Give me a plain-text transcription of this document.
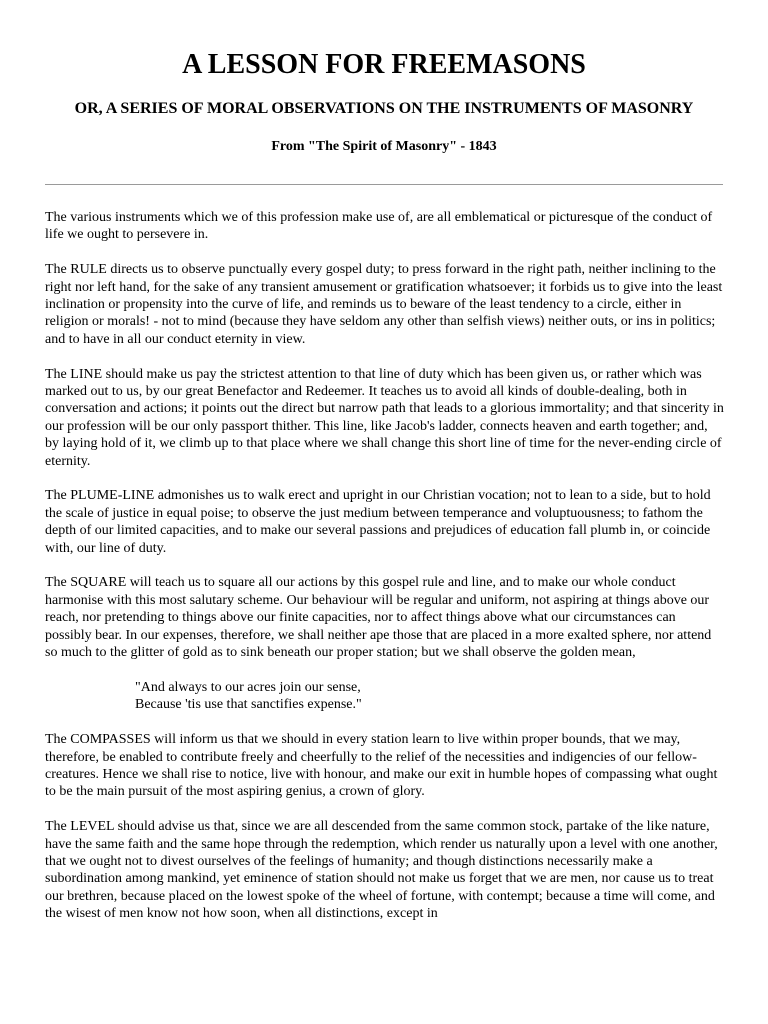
A LESSON FOR FREEMASONS
OR, A SERIES OF MORAL OBSERVATIONS ON THE INSTRUMENTS OF MASONRY
From "The Spirit of Masonry" - 1843

The various instruments which we of this profession make use of, are all emblematical or picturesque of the conduct of life we ought to persevere in.

The RULE directs us to observe punctually every gospel duty; to press forward in the right path, neither inclining to the right nor left hand, for the sake of any transient amusement or gratification whatsoever; it forbids us to give into the least inclination or propensity into the curve of life, and reminds us to beware of the least tendency to a circle, either in religion or morals! - not to mind (because they have seldom any other than selfish views) neither outs, or ins in politics; and to have in all our conduct eternity in view.

The LINE should make us pay the strictest attention to that line of duty which has been given us, or rather which was marked out to us, by our great Benefactor and Redeemer. It teaches us to avoid all kinds of double-dealing, both in conversation and actions; it points out the direct but narrow path that leads to a glorious immortality; and that sincerity in our profession will be our only passport thither. This line, like Jacob's ladder, connects heaven and earth together; and, by laying hold of it, we climb up to that place where we shall change this short line of time for the never-ending circle of eternity.

The PLUME-LINE admonishes us to walk erect and upright in our Christian vocation; not to lean to a side, but to hold the scale of justice in equal poise; to observe the just medium between temperance and voluptuousness; to fathom the depth of our limited capacities, and to make our several passions and prejudices of education fall plumb in, or coincide with, our line of duty.

The SQUARE will teach us to square all our actions by this gospel rule and line, and to make our whole conduct harmonise with this most salutary scheme. Our behaviour will be regular and uniform, not aspiring at things above our reach, nor pretending to things above our finite capacities, nor to affect things above what our circumstances can possibly bear. In our expenses, therefore, we shall neither ape those that are placed in a more exalted sphere, nor attend so much to the glitter of gold as to sink beneath our proper station; but we shall observe the golden mean,

"And always to our acres join our sense,
Because 'tis use that sanctifies expense."

The COMPASSES will inform us that we should in every station learn to live within proper bounds, that we may, therefore, be enabled to contribute freely and cheerfully to the relief of the necessities and indigencies of our fellow-creatures. Hence we shall rise to notice, live with honour, and make our exit in humble hopes of compassing what ought to be the main pursuit of the most aspiring genius, a crown of glory.

The LEVEL should advise us that, since we are all descended from the same common stock, partake of the like nature, have the same faith and the same hope through the redemption, which render us naturally upon a level with one another, that we ought not to divest ourselves of the feelings of humanity; and though distinctions necessarily make a subordination among mankind, yet eminence of station should not make us forget that we are men, nor cause us to treat our brethren, because placed on the lowest spoke of the wheel of fortune, with contempt; because a time will come, and the wisest of men know not how soon, when all distinctions, except in
